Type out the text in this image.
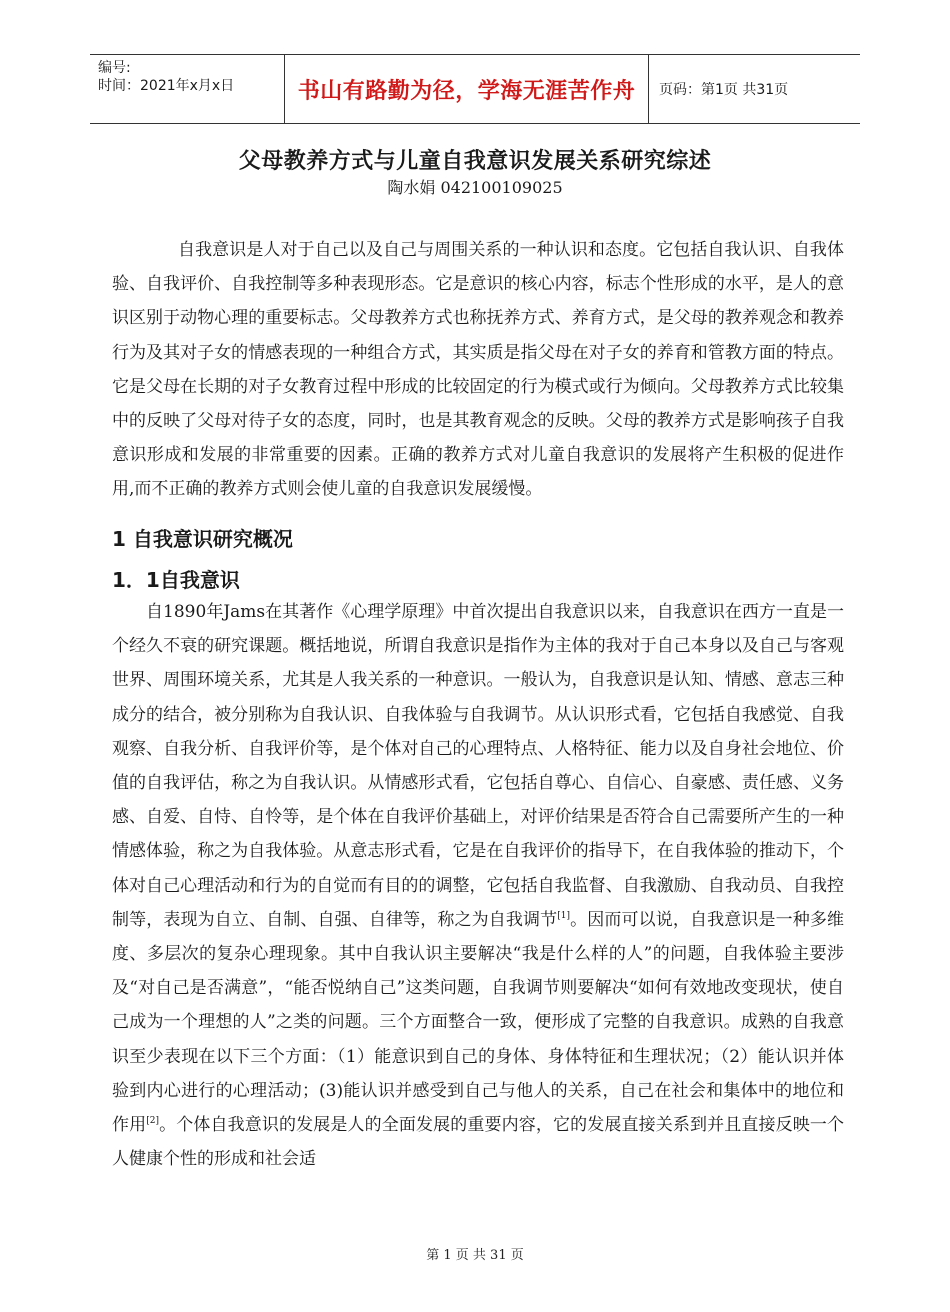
编号:
时间：2021年x月x日	书山有路勤为径，学海无涯苦作舟	页码：第1页 共31页
父母教养方式与儿童自我意识发展关系研究综述
陶水娟 042100109025

自我意识是人对于自己以及自己与周围关系的一种认识和态度。它包括自我认识、自我体验、自我评价、自我控制等多种表现形态。它是意识的核心内容，标志个性形成的水平，是人的意识区别于动物心理的重要标志。父母教养方式也称抚养方式、养育方式，是父母的教养观念和教养行为及其对子女的情感表现的一种组合方式，其实质是指父母在对子女的养育和管教方面的特点。它是父母在长期的对子女教育过程中形成的比较固定的行为模式或行为倾向。父母教养方式比较集中的反映了父母对待子女的态度，同时，也是其教育观念的反映。父母的教养方式是影响孩子自我意识形成和发展的非常重要的因素。正确的教养方式对儿童自我意识的发展将产生积极的促进作用,而不正确的教养方式则会使儿童的自我意识发展缓慢。

1 自我意识研究概况
1．1自我意识

自1890年Jams在其著作《心理学原理》中首次提出自我意识以来，自我意识在西方一直是一个经久不衰的研究课题。概括地说，所谓自我意识是指作为主体的我对于自己本身以及自己与客观世界、周围环境关系，尤其是人我关系的一种意识。一般认为，自我意识是认知、情感、意志三种成分的结合，被分别称为自我认识、自我体验与自我调节。从认识形式看，它包括自我感觉、自我观察、自我分析、自我评价等，是个体对自己的心理特点、人格特征、能力以及自身社会地位、价值的自我评估，称之为自我认识。从情感形式看，它包括自尊心、自信心、自豪感、责任感、义务感、自爱、自恃、自怜等，是个体在自我评价基础上，对评价结果是否符合自己需要所产生的一种情感体验，称之为自我体验。从意志形式看，它是在自我评价的指导下，在自我体验的推动下，个体对自己心理活动和行为的自觉而有目的的调整，它包括自我监督、自我激励、自我动员、自我控制等，表现为自立、自制、自强、自律等，称之为自我调节[1]。因而可以说，自我意识是一种多维度、多层次的复杂心理现象。其中自我认识主要解决“我是什么样的人”的问题，自我体验主要涉及“对自己是否满意”，“能否悦纳自己”这类问题，自我调节则要解决“如何有效地改变现状，使自己成为一个理想的人”之类的问题。三个方面整合一致，便形成了完整的自我意识。成熟的自我意识至少表现在以下三个方面：（1）能意识到自己的身体、身体特征和生理状况；（2）能认识并体验到内心进行的心理活动；(3)能认识并感受到自己与他人的关系，自己在社会和集体中的地位和作用[2]。个体自我意识的发展是人的全面发展的重要内容，它的发展直接关系到并且直接反映一个人健康个性的形成和社会适

第 1 页 共 31 页
